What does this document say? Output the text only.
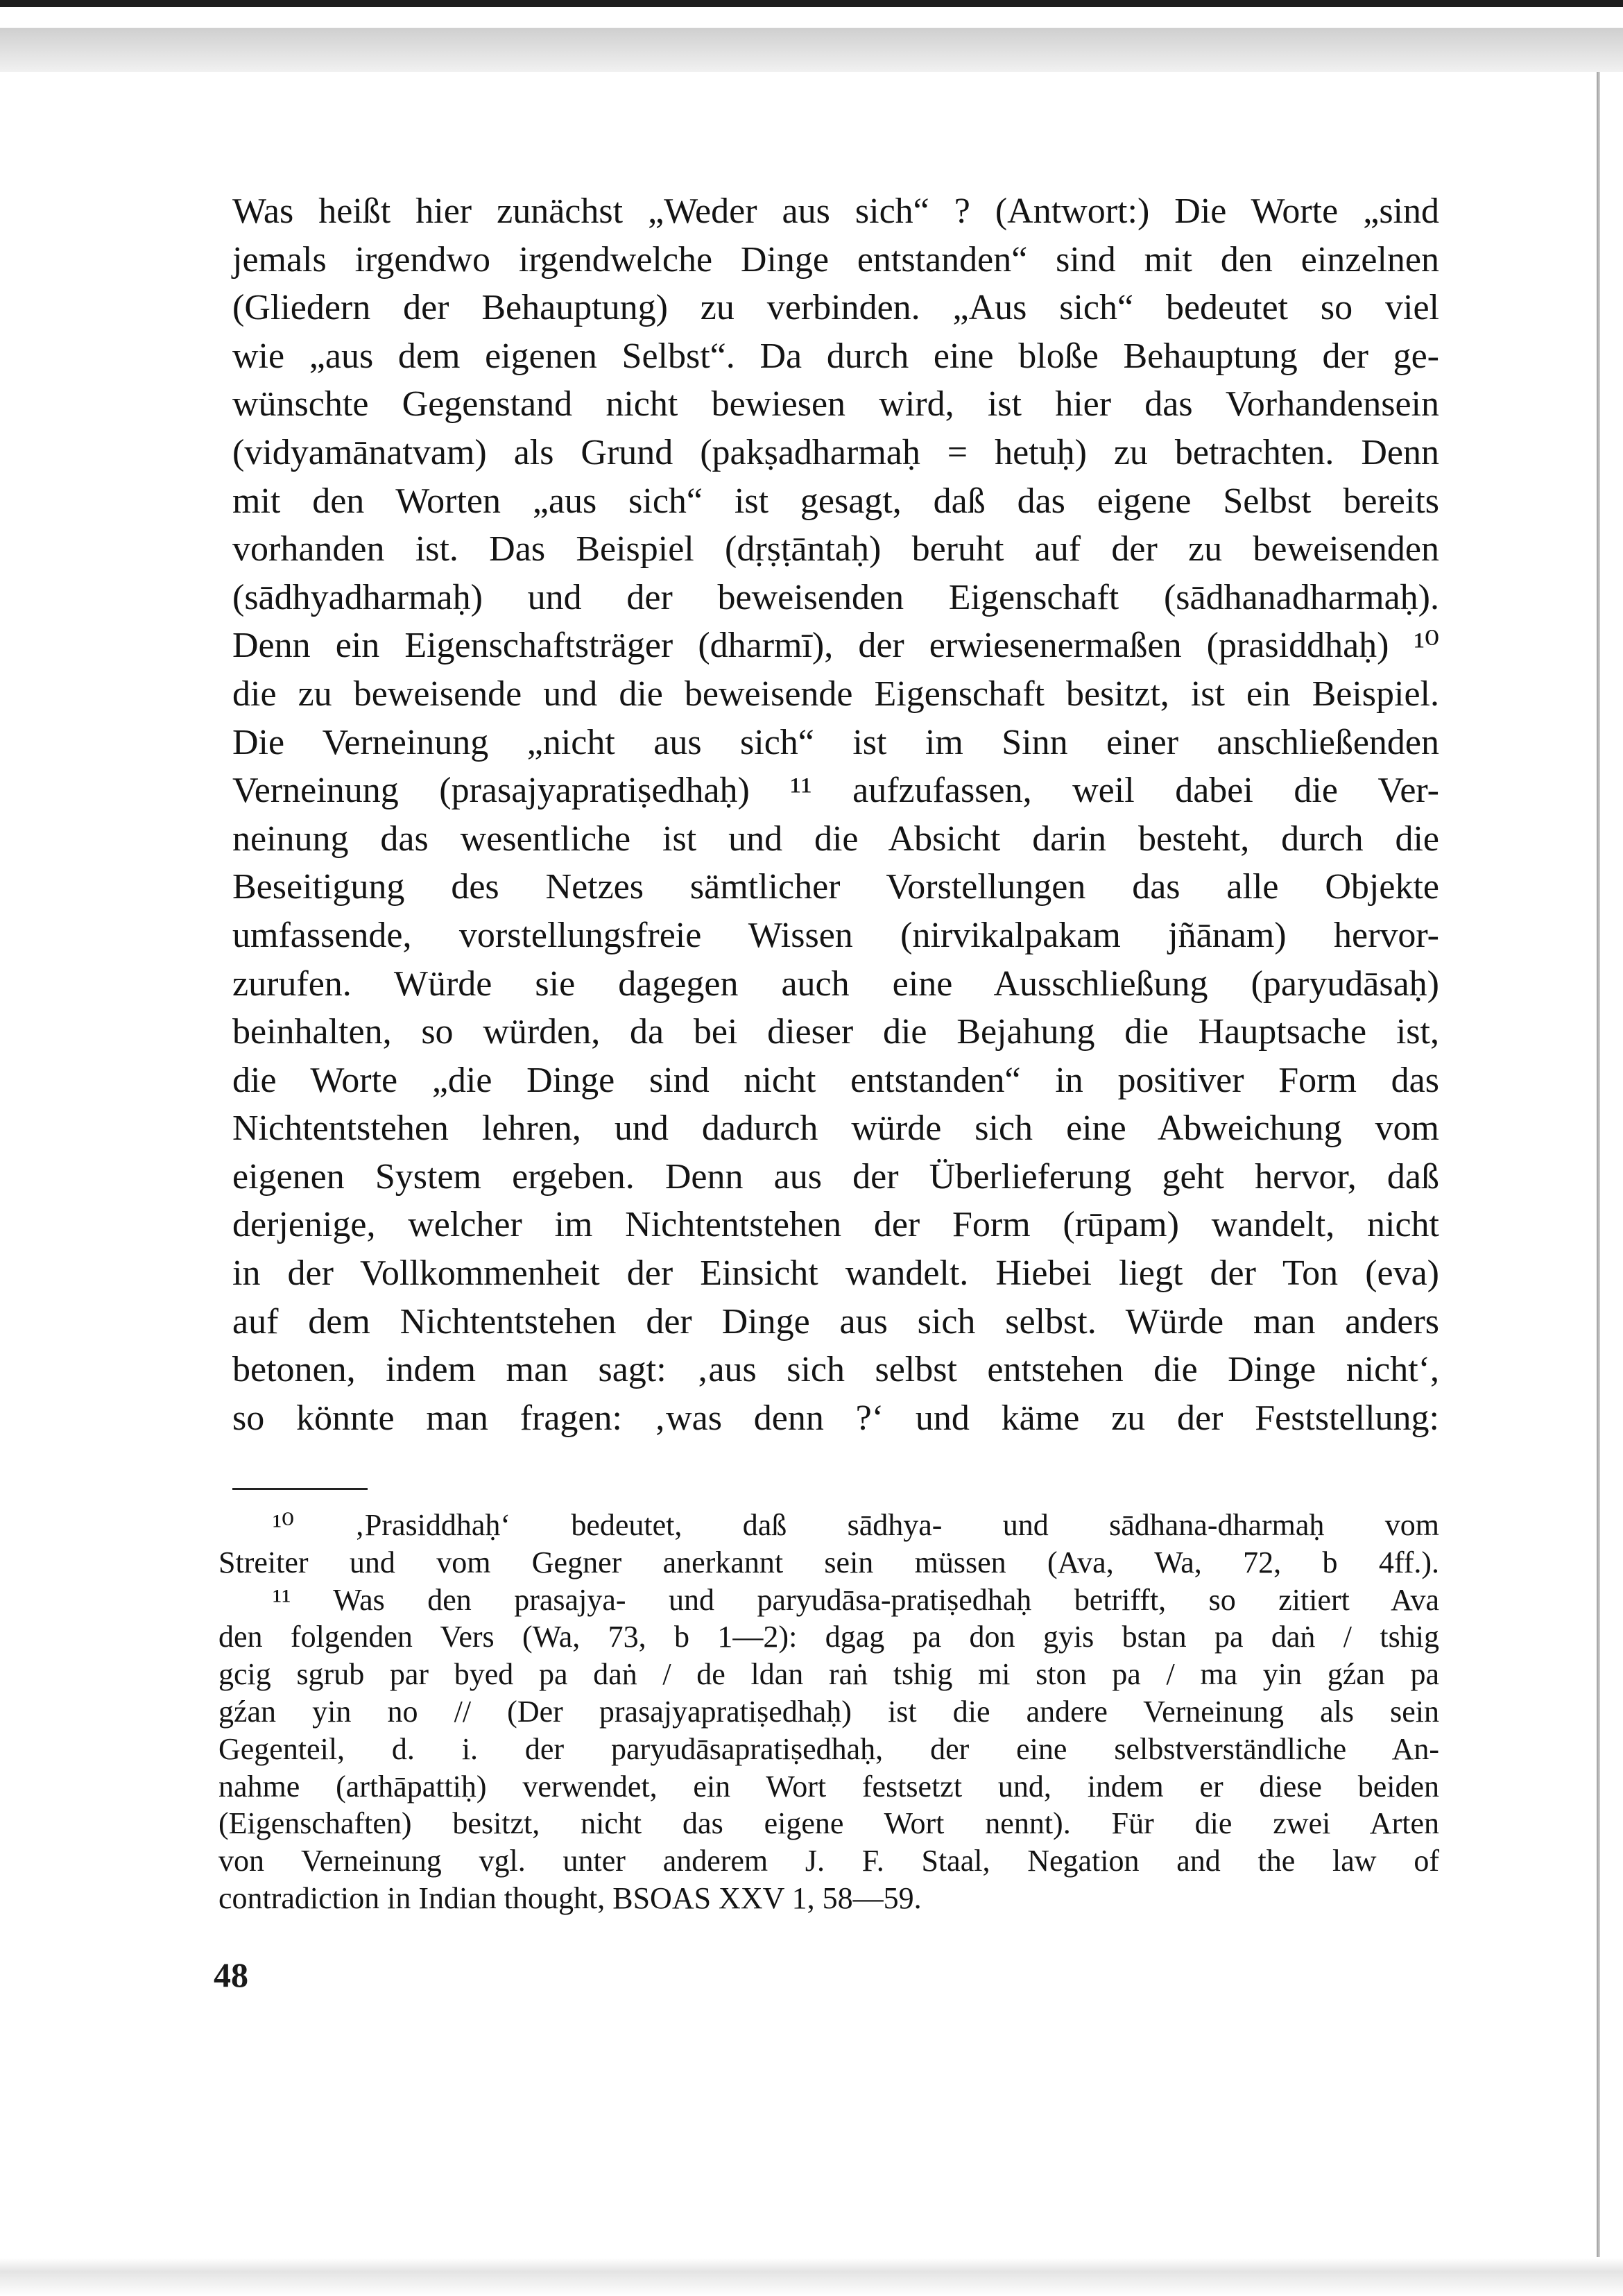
Was heißt hier zunächst „Weder aus sich“ ? (Antwort:) Die Worte „sind
jemals irgendwo irgendwelche Dinge entstanden“ sind mit den einzelnen
(Gliedern der Behauptung) zu verbinden. „Aus sich“ bedeutet so viel
wie „aus dem eigenen Selbst“. Da durch eine bloße Behauptung der ge-
wünschte Gegenstand nicht bewiesen wird, ist hier das Vorhandensein
(vidyamānatvam) als Grund (pakṣadharmaḥ = hetuḥ) zu betrachten. Denn
mit den Worten „aus sich“ ist gesagt, daß das eigene Selbst bereits
vorhanden ist. Das Beispiel (dṛṣṭāntaḥ) beruht auf der zu beweisenden
(sādhyadharmaḥ) und der beweisenden Eigenschaft (sādhanadharmaḥ).
Denn ein Eigenschaftsträger (dharmī), der erwiesenermaßen (prasiddhaḥ) ¹⁰
die zu beweisende und die beweisende Eigenschaft besitzt, ist ein Beispiel.
Die Verneinung „nicht aus sich“ ist im Sinn einer anschließenden
Verneinung (prasajyapratiṣedhaḥ) ¹¹ aufzufassen, weil dabei die Ver-
neinung das wesentliche ist und die Absicht darin besteht, durch die
Beseitigung des Netzes sämtlicher Vorstellungen das alle Objekte
umfassende, vorstellungsfreie Wissen (nirvikalpakam jñānam) hervor-
zurufen. Würde sie dagegen auch eine Ausschließung (paryudāsaḥ)
beinhalten, so würden, da bei dieser die Bejahung die Hauptsache ist,
die Worte „die Dinge sind nicht entstanden“ in positiver Form das
Nichtentstehen lehren, und dadurch würde sich eine Abweichung vom
eigenen System ergeben. Denn aus der Überlieferung geht hervor, daß
derjenige, welcher im Nichtentstehen der Form (rūpam) wandelt, nicht
in der Vollkommenheit der Einsicht wandelt. Hiebei liegt der Ton (eva)
auf dem Nichtentstehen der Dinge aus sich selbst. Würde man anders
betonen, indem man sagt: ‚aus sich selbst entstehen die Dinge nicht‘,
so könnte man fragen: ‚was denn ?‘ und käme zu der Feststellung:
¹⁰ ‚Prasiddhaḥ‘ bedeutet, daß sādhya- und sādhana-dharmaḥ vom
Streiter und vom Gegner anerkannt sein müssen (Ava, Wa, 72, b 4ff.).
¹¹ Was den prasajya- und paryudāsa-pratiṣedhaḥ betrifft, so zitiert Ava
den folgenden Vers (Wa, 73, b 1—2): dgag pa don gyis bstan pa daṅ / tshig
gcig sgrub par byed pa daṅ / de ldan raṅ tshig mi ston pa / ma yin gźan pa
gźan yin no // (Der prasajyapratiṣedhaḥ) ist die andere Verneinung als sein
Gegenteil, d. i. der paryudāsapratiṣedhaḥ, der eine selbstverständliche An-
nahme (arthāpattiḥ) verwendet, ein Wort festsetzt und, indem er diese beiden
(Eigenschaften) besitzt, nicht das eigene Wort nennt). Für die zwei Arten
von Verneinung vgl. unter anderem J. F. Staal, Negation and the law of
contradiction in Indian thought, BSOAS XXV 1, 58—59.
48
